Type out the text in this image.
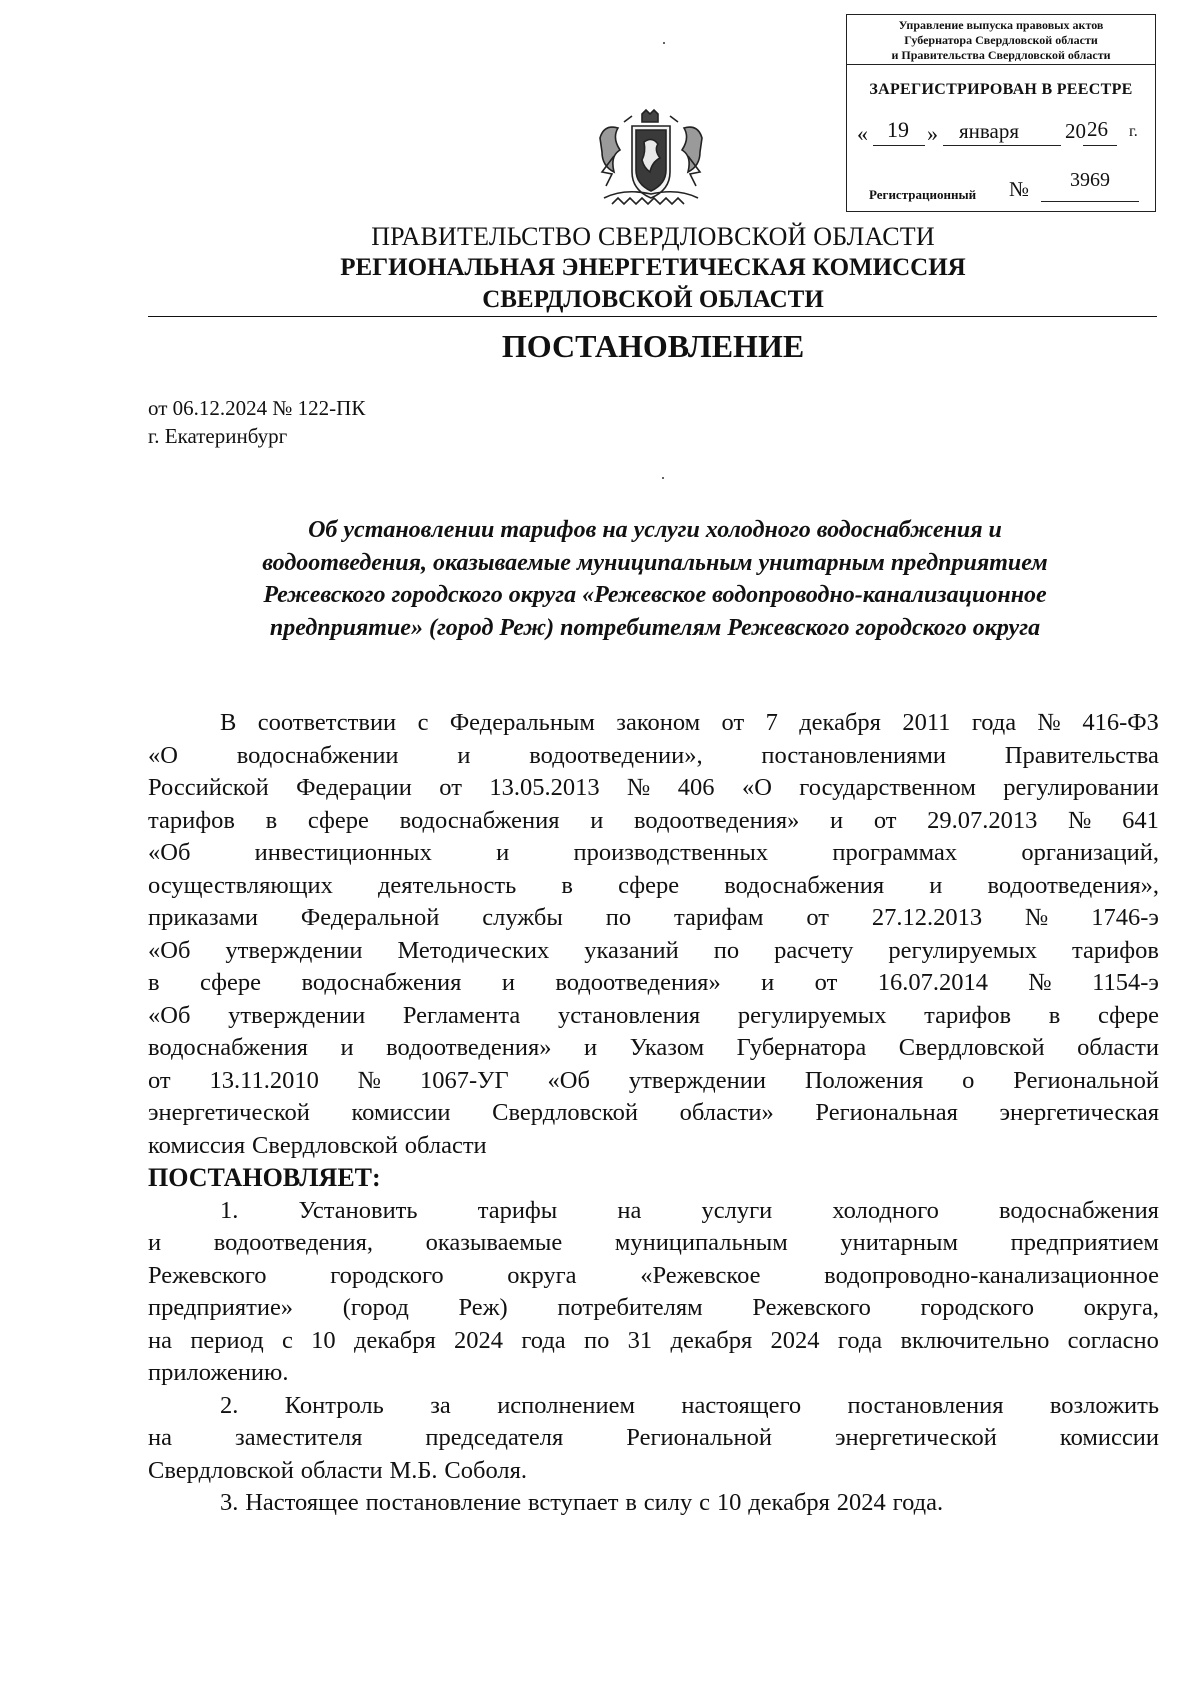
Управление выпуска правовых актов
Губернатора Свердловской области
и Правительства Свердловской области
ЗАРЕГИСТРИРОВАН В РЕЕСТРЕ
« 19 » января 20 26 г.
Регистрационный №	3969
ПРАВИТЕЛЬСТВО СВЕРДЛОВСКОЙ ОБЛАСТИ
РЕГИОНАЛЬНАЯ ЭНЕРГЕТИЧЕСКАЯ КОМИССИЯ
СВЕРДЛОВСКОЙ ОБЛАСТИ
ПОСТАНОВЛЕНИЕ
от 06.12.2024 № 122-ПК
г. Екатеринбург
Об установлении тарифов на услуги холодного водоснабжения и
водоотведения, оказываемые муниципальным унитарным предприятием
Режевского городского округа «Режевское водопроводно-канализационное
предприятие» (город Реж) потребителям Режевского городского округа
В соответствии с Федеральным законом от 7 декабря 2011 года № 416-ФЗ
«О водоснабжении и водоотведении», постановлениями Правительства
Российской Федерации от 13.05.2013 № 406 «О государственном регулировании
тарифов в сфере водоснабжения и водоотведения» и от 29.07.2013 № 641
«Об	инвестиционных	и	производственных	программах	организаций,
осуществляющих деятельность в сфере водоснабжения и водоотведения»,
приказами Федеральной службы по тарифам от 27.12.2013 № 1746-э
«Об утверждении Методических указаний по расчету регулируемых тарифов
в сфере водоснабжения и водоотведения» и от 16.07.2014 № 1154-э
«Об утверждении Регламента установления регулируемых тарифов в сфере
водоснабжения и водоотведения» и Указом Губернатора Свердловской области
от 13.11.2010 № 1067-УГ «Об утверждении Положения о Региональной
энергетической комиссии Свердловской области» Региональная энергетическая
комиссия Свердловской области
ПОСТАНОВЛЯЕТ:
1. Установить тарифы на услуги холодного водоснабжения
и водоотведения, оказываемые муниципальным унитарным предприятием
Режевского	городского	округа	«Режевское	водопроводно-канализационное
предприятие» (город Реж) потребителям Режевского городского округа,
на период с 10 декабря 2024 года по 31 декабря 2024 года включительно согласно
приложению.
2. Контроль за исполнением настоящего постановления возложить
на	заместителя	председателя	Региональной	энергетической	комиссии
Свердловской области М.Б. Соболя.
3. Настоящее постановление вступает в силу с 10 декабря 2024 года.
